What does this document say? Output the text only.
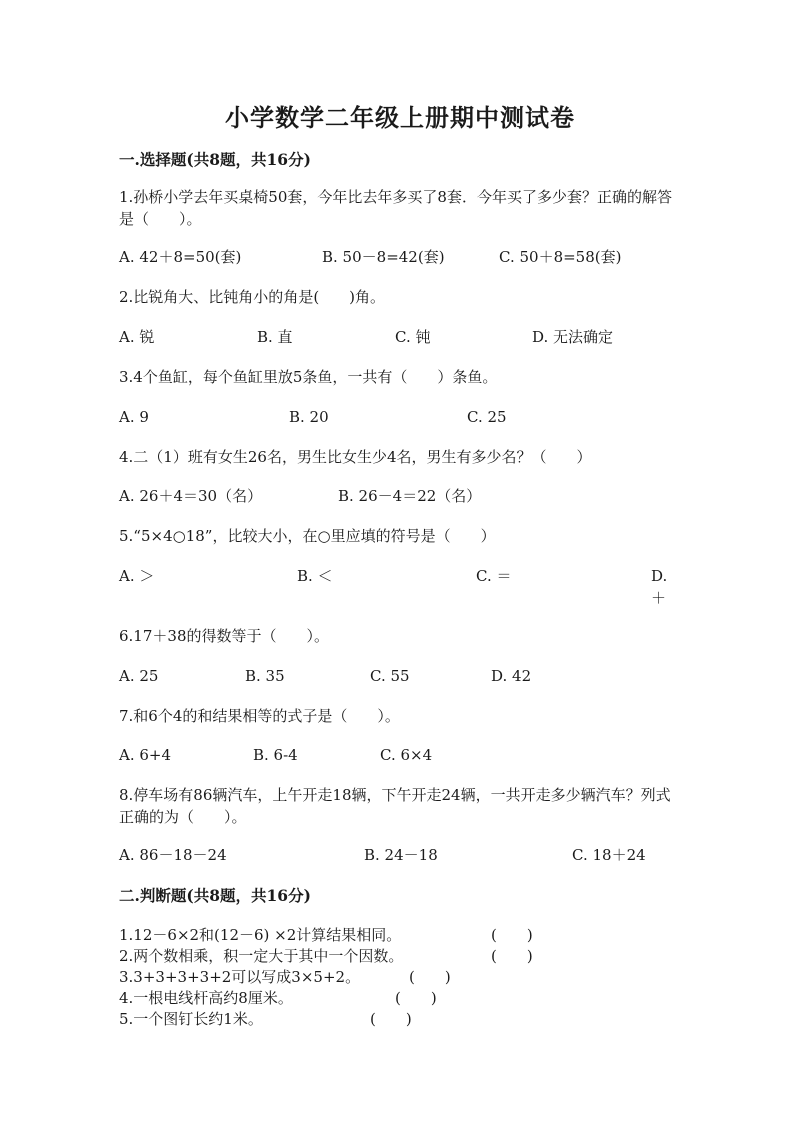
小学数学二年级上册期中测试卷
一.选择题(共8题，共16分)
1.孙桥小学去年买桌椅50套，今年比去年多买了8套．今年买了多少套？正确的解答是（　　）。
A. 42＋8=50(套)	B. 50－8=42(套)	C. 50＋8=58(套)
2.比锐角大、比钝角小的角是(　　)角。
A. 锐	B. 直	C. 钝	D. 无法确定
3.4个鱼缸，每个鱼缸里放5条鱼，一共有（　　）条鱼。
A. 9	B. 20	C. 25
4.二（1）班有女生26名，男生比女生少4名，男生有多少名？（　　）
A. 26＋4＝30（名）	B. 26－4＝22（名）
5.“5×4○18”，比较大小，在○里应填的符号是（　　）
A. ＞	B. ＜	C. ＝	D. ＋
6.17＋38的得数等于（　　）。
A. 25	B. 35	C. 55	D. 42
7.和6个4的和结果相等的式子是（　　）。
A. 6+4	B. 6-4	C. 6×4
8.停车场有86辆汽车，上午开走18辆，下午开走24辆，一共开走多少辆汽车？列式正确的为（　　）。
A. 86－18－24	B. 24－18	C. 18＋24
二.判断题(共8题，共16分)
1.12－6×2和(12－6) ×2计算结果相同。	(　　)
2.两个数相乘，积一定大于其中一个因数。	(　　)
3.3+3+3+3+2可以写成3×5+2。	(　　)
4.一根电线杆高约8厘米。	(　　)
5.一个图钉长约1米。	(　　)
